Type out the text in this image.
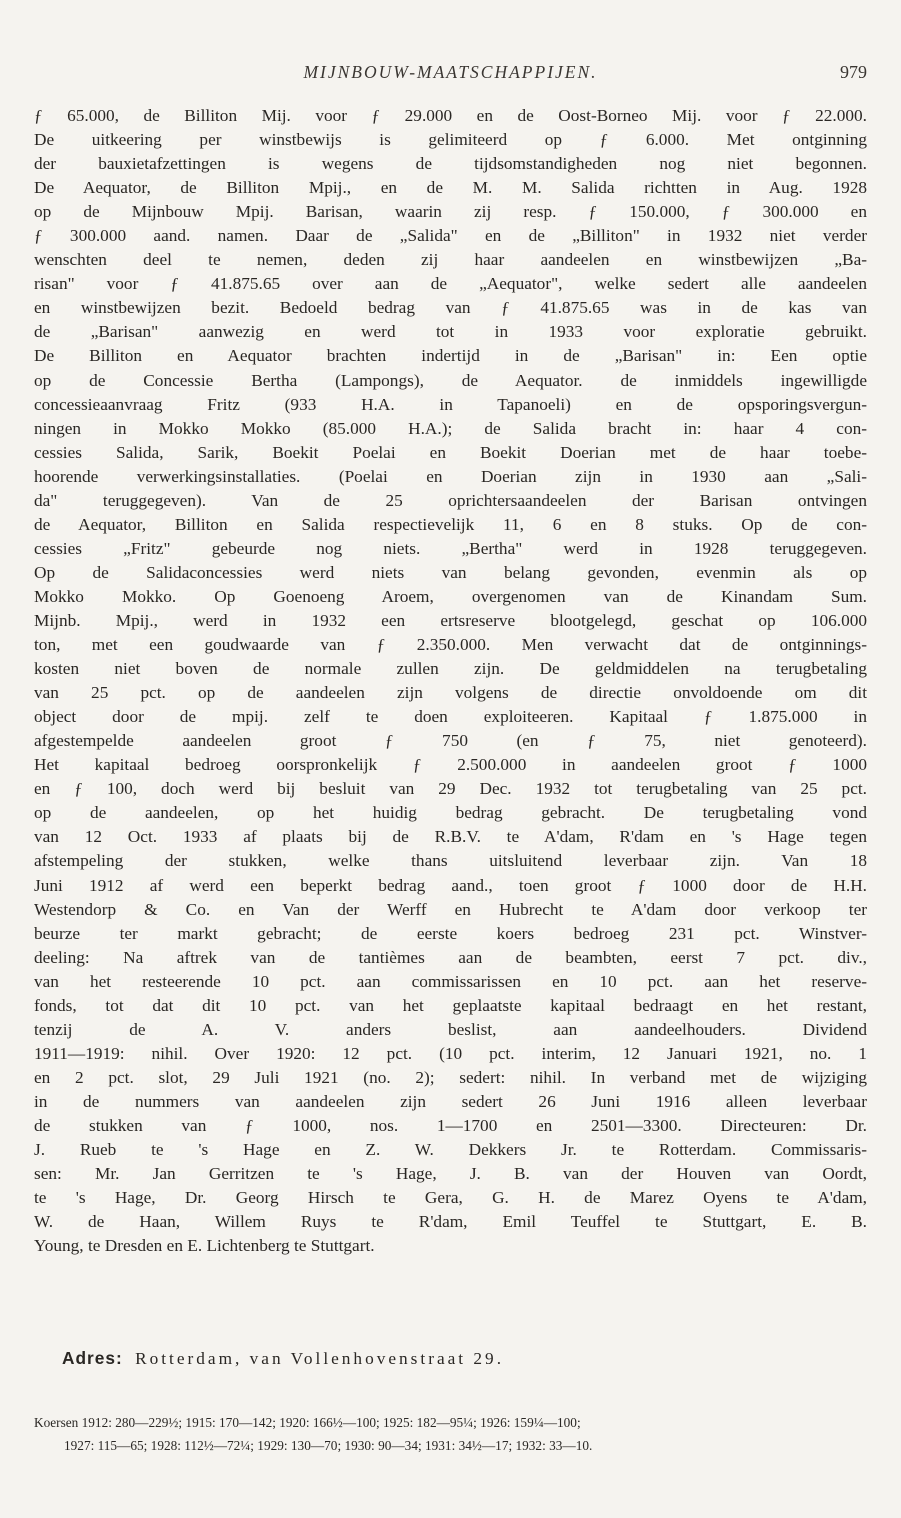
MIJNBOUW-MAATSCHAPPIJEN.	979
ƒ 65.000, de Billiton Mij. voor ƒ 29.000 en de Oost-Borneo Mij. voor ƒ 22.000.
De uitkeering per winstbewijs is gelimiteerd op ƒ 6.000. Met ontginning
der bauxietafzettingen is wegens de tijdsomstandigheden nog niet begonnen.
De Aequator, de Billiton Mpij., en de M. M. Salida richtten in Aug. 1928
op de Mijnbouw Mpij. Barisan, waarin zij resp. ƒ 150.000, ƒ 300.000 en
ƒ 300.000 aand. namen. Daar de „Salida" en de „Billiton" in 1932 niet verder
wenschten deel te nemen, deden zij haar aandeelen en winstbewijzen „Ba-
risan" voor ƒ 41.875.65 over aan de „Aequator", welke sedert alle aandeelen
en winstbewijzen bezit. Bedoeld bedrag van ƒ 41.875.65 was in de kas van
de „Barisan" aanwezig en werd tot in 1933 voor exploratie gebruikt.
De Billiton en Aequator brachten indertijd in de „Barisan" in: Een optie
op de Concessie Bertha (Lampongs), de Aequator. de inmiddels ingewilligde
concessieaanvraag Fritz (933 H.A. in Tapanoeli) en de opsporingsvergun-
ningen in Mokko Mokko (85.000 H.A.); de Salida bracht in: haar 4 con-
cessies Salida, Sarik, Boekit Poelai en Boekit Doerian met de haar toebe-
hoorende verwerkingsinstallaties. (Poelai en Doerian zijn in 1930 aan „Sali-
da" teruggegeven). Van de 25 oprichtersaandeelen der Barisan ontvingen
de Aequator, Billiton en Salida respectievelijk 11, 6 en 8 stuks. Op de con-
cessies „Fritz" gebeurde nog niets. „Bertha" werd in 1928 teruggegeven.
Op de Salidaconcessies werd niets van belang gevonden, evenmin als op
Mokko Mokko. Op Goenoeng Aroem, overgenomen van de Kinandam Sum.
Mijnb. Mpij., werd in 1932 een ertsreserve blootgelegd, geschat op 106.000
ton, met een goudwaarde van ƒ 2.350.000. Men verwacht dat de ontginnings-
kosten niet boven de normale zullen zijn. De geldmiddelen na terugbetaling
van 25 pct. op de aandeelen zijn volgens de directie onvoldoende om dit
object door de mpij. zelf te doen exploiteeren. Kapitaal ƒ 1.875.000 in
afgestempelde aandeelen groot ƒ 750 (en ƒ 75, niet genoteerd).
Het kapitaal bedroeg oorspronkelijk ƒ 2.500.000 in aandeelen groot ƒ 1000
en ƒ 100, doch werd bij besluit van 29 Dec. 1932 tot terugbetaling van 25 pct.
op de aandeelen, op het huidig bedrag gebracht. De terugbetaling vond
van 12 Oct. 1933 af plaats bij de R.B.V. te A'dam, R'dam en 's Hage tegen
afstempeling der stukken, welke thans uitsluitend leverbaar zijn. Van 18
Juni 1912 af werd een beperkt bedrag aand., toen groot ƒ 1000 door de H.H.
Westendorp & Co. en Van der Werff en Hubrecht te A'dam door verkoop ter
beurze ter markt gebracht; de eerste koers bedroeg 231 pct. Winstver-
deeling: Na aftrek van de tantièmes aan de beambten, eerst 7 pct. div.,
van het resteerende 10 pct. aan commissarissen en 10 pct. aan het reserve-
fonds, tot dat dit 10 pct. van het geplaatste kapitaal bedraagt en het restant,
tenzij de A. V. anders beslist, aan aandeelhouders. Dividend
1911—1919: nihil. Over 1920: 12 pct. (10 pct. interim, 12 Januari 1921, no. 1
en 2 pct. slot, 29 Juli 1921 (no. 2); sedert: nihil. In verband met de wijziging
in de nummers van aandeelen zijn sedert 26 Juni 1916 alleen leverbaar
de stukken van ƒ 1000, nos. 1—1700 en 2501—3300. Directeuren: Dr.
J. Rueb te 's Hage en Z. W. Dekkers Jr. te Rotterdam. Commissaris-
sen: Mr. Jan Gerritzen te 's Hage, J. B. van der Houven van Oordt,
te 's Hage, Dr. Georg Hirsch te Gera, G. H. de Marez Oyens te A'dam,
W. de Haan, Willem Ruys te R'dam, Emil Teuffel te Stuttgart, E. B.
Young, te Dresden en E. Lichtenberg te Stuttgart.
Adres: Rotterdam, van Vollenhovenstraat 29.
Koersen 1912: 280—229½; 1915: 170—142; 1920: 166½—100; 1925: 182—95¼; 1926: 159¼—100;
1927: 115—65; 1928: 112½—72¼; 1929: 130—70; 1930: 90—34; 1931: 34½—17; 1932: 33—10.
